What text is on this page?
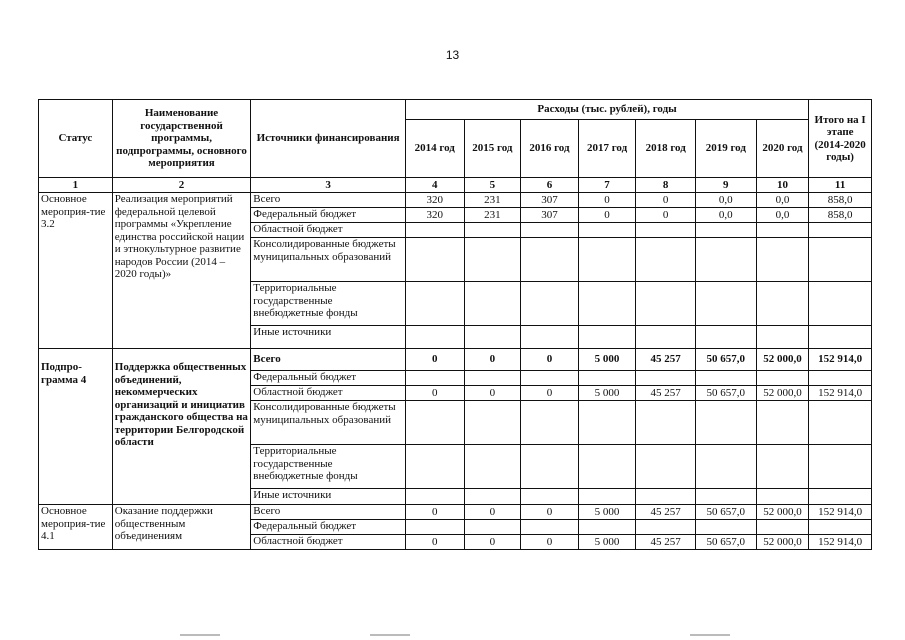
13
Статус	Наименование государственной программы, подпрограммы, основного мероприятия	Источники финансирования	Расходы (тыс. рублей), годы							Итого на I этапе (2014-2020 годы)
			2014 год	2015 год	2016 год	2017 год	2018 год	2019 год	2020 год	
1	2	3	4	5	6	7	8	9	10	11
Основное мероприя-тие 3.2	Реализация мероприятий федеральной целевой программы «Укрепление единства российской нации и этнокультурное развитие народов России (2014 – 2020 годы)»	Всего	320	231	307	0	0	0,0	0,0	858,0
		Федеральный бюджет	320	231	307	0	0	0,0	0,0	858,0
		Областной бюджет								
		Консолидированные бюджеты муниципальных образований								
		Территориальные государственные внебюджетные фонды								
		Иные источники								
Подпро-грамма 4	Поддержка общественных объединений, некоммерческих организаций и инициатив гражданского общества на территории Белгородской области	Всего	0	0	0	5 000	45 257	50 657,0	52 000,0	152 914,0
		Федеральный бюджет								
		Областной бюджет	0	0	0	5 000	45 257	50 657,0	52 000,0	152 914,0
		Консолидированные бюджеты муниципальных образований								
		Территориальные государственные внебюджетные фонды								
		Иные источники								
Основное мероприя-тие 4.1	Оказание поддержки общественным объединениям	Всего	0	0	0	5 000	45 257	50 657,0	52 000,0	152 914,0
		Федеральный бюджет								
		Областной бюджет	0	0	0	5 000	45 257	50 657,0	52 000,0	152 914,0
